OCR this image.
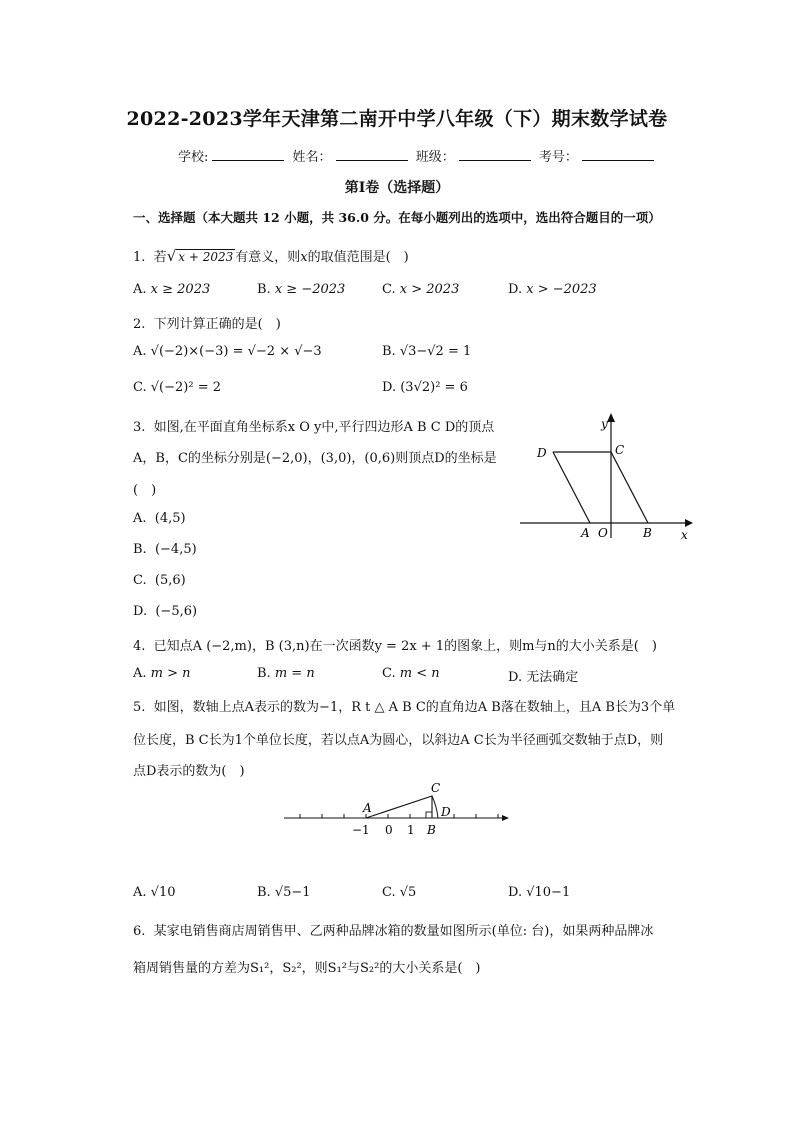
2022-2023学年天津第二南开中学八年级（下）期末数学试卷
学校:	姓名：	班级：	考号：
第Ⅰ卷（选择题）
一、选择题（本大题共 12 小题，共 36.0 分。在每小题列出的选项中，选出符合题目的一项）
1. 若√ x + 2023 有意义，则x的取值范围是(　)
A. x ≥ 2023	B. x ≥ −2023	C. x > 2023	D. x > −2023
2. 下列计算正确的是(　)
A. √(−2)×(−3) = √−2 × √−3	B. √3−√2 = 1
C. √(−2)² = 2	D. (3√2)² = 6
3. 如图,在平面直角坐标系x O y中,平行四边形A B C D的顶点
A，B，C的坐标分别是(−2,0)，(3,0)，(0,6)则顶点D的坐标是
(　)
A. (4,5)
B. (−4,5)
C. (5,6)
D. (−5,6)
y
x
D	C
A O	B
4. 已知点A (−2,m)，B (3,n)在一次函数y = 2x + 1的图象上，则m与n的大小关系是(　)
A. m > n	B. m = n	C. m < n	D. 无法确定
5. 如图，数轴上点A表示的数为−1，R t △ A B C的直角边A B落在数轴上，且A B长为3个单
位长度，B C长为1个单位长度，若以点A为圆心，以斜边A C长为半径画弧交数轴于点D，则
点D表示的数为(　)
A
C
D
B
−1 0 1
A. √10	B. √5−1	C. √5	D. √10−1
6. 某家电销售商店周销售甲、乙两种品牌冰箱的数量如图所示(单位: 台)，如果两种品牌冰
箱周销售量的方差为S₁²，S₂²，则S₁²与S₂²的大小关系是(　)
